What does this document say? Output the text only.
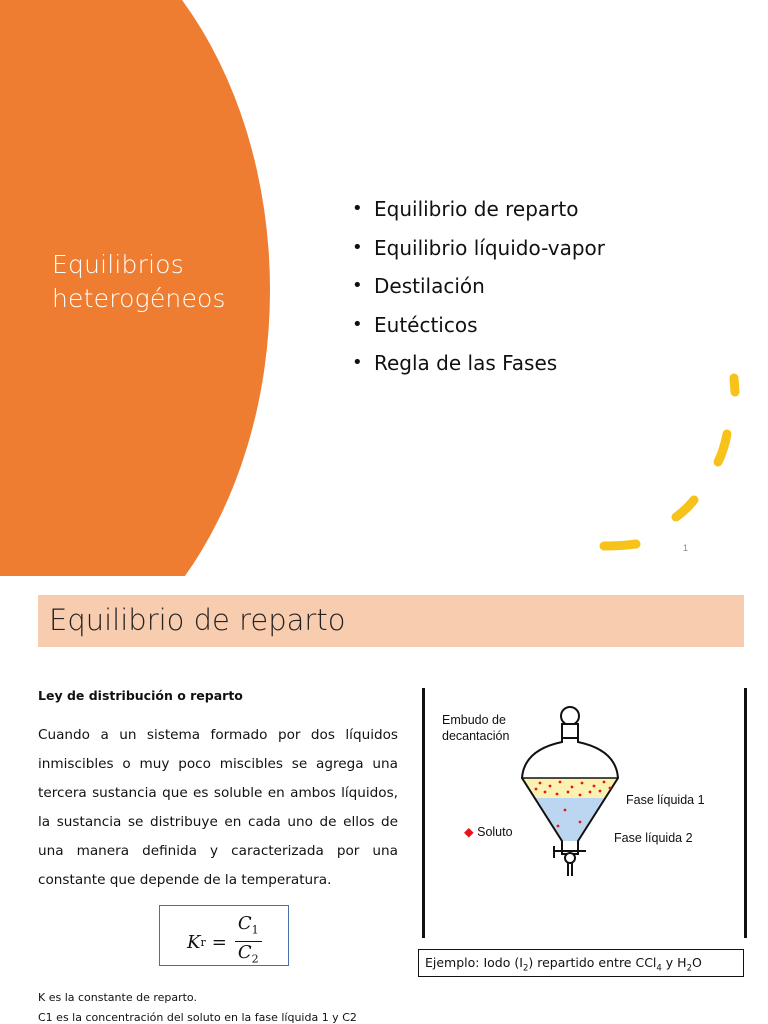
Equilibrios
heterogéneos
• Equilibrio de reparto
• Equilibrio líquido-vapor
• Destilación
• Eutécticos
• Regla de las Fases
1
Equilibrio de reparto
Ley de distribución o reparto
Cuando a un sistema formado por dos líquidos inmiscibles o muy poco miscibles se agrega una tercera sustancia que es soluble en ambos líquidos, la sustancia se distribuye en cada uno de ellos de una manera definida y caracterizada por una constante que depende de la temperatura.
K $r = \frac{C_1}{C_2}$
K es la constante de reparto.
C1 es la concentración del soluto en la fase líquida 1 y C2
Embudo de
decantación
Fase líquida 1
Fase líquida 2
◆ Soluto
Ejemplo: Iodo $(I_2)$ repartido entre CCl$_4$ y $H_2O$
